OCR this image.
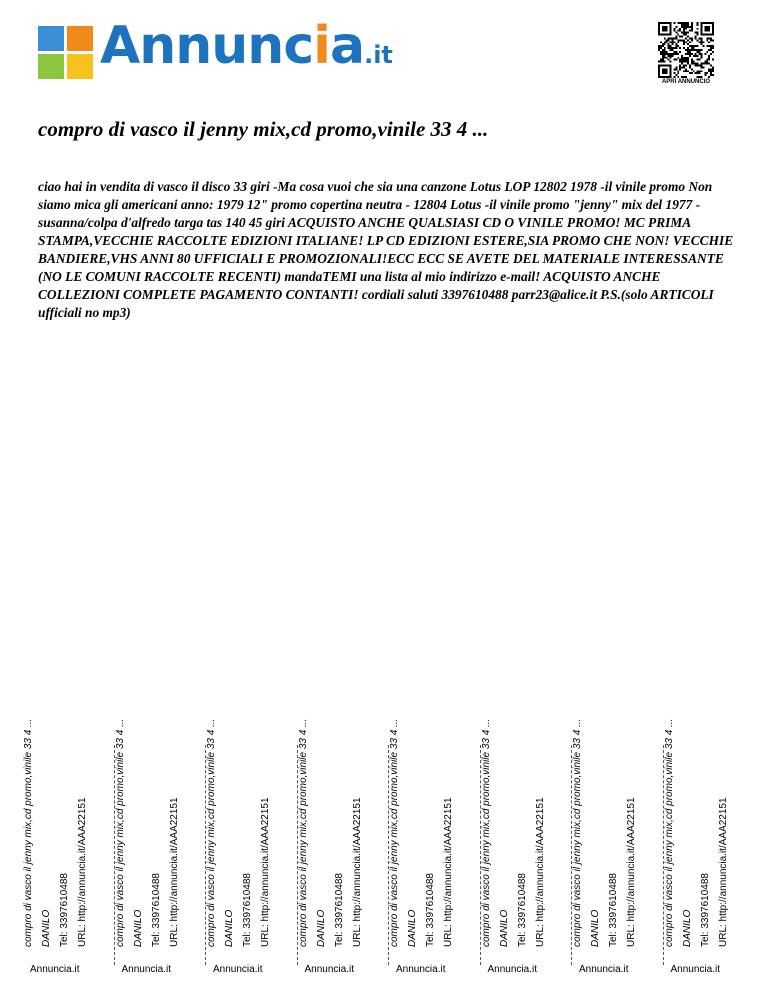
Annuncia.it
APRI ANNUNCIO
compro di vasco il jenny mix,cd promo,vinile 33 4 ...

ciao hai in vendita di vasco il disco 33 giri -Ma cosa vuoi che sia una canzone Lotus LOP 12802 1978 -il vinile promo Non siamo mica gli americani anno: 1979 12" promo copertina neutra - 12804 Lotus -il vinile promo "jenny" mix del 1977 -susanna/colpa d'alfredo targa tas 140 45 giri ACQUISTO ANCHE QUALSIASI CD O VINILE PROMO! MC PRIMA STAMPA,VECCHIE RACCOLTE EDIZIONI ITALIANE! LP CD EDIZIONI ESTERE,SIA PROMO CHE NON! VECCHIE BANDIERE,VHS ANNI 80 UFFICIALI E PROMOZIONALI!ECC ECC SE AVETE DEL MATERIALE INTERESSANTE (NO LE COMUNI RACCOLTE RECENTI) mandaTEMI una lista al mio indirizzo e-mail! ACQUISTO ANCHE COLLEZIONI COMPLETE PAGAMENTO CONTANTI! cordiali saluti 3397610488 parr23@alice.it P.S.(solo ARTICOLI ufficiali no mp3)

compro di vasco il jenny mix,cd promo,vinile 33 4 ... DANILO Tel: 3397610488 URL: http://annuncia.it/AAA22151
Annuncia.it
compro di vasco il jenny mix,cd promo,vinile 33 4 ... DANILO Tel: 3397610488 URL: http://annuncia.it/AAA22151
Annuncia.it
compro di vasco il jenny mix,cd promo,vinile 33 4 ... DANILO Tel: 3397610488 URL: http://annuncia.it/AAA22151
Annuncia.it
compro di vasco il jenny mix,cd promo,vinile 33 4 ... DANILO Tel: 3397610488 URL: http://annuncia.it/AAA22151
Annuncia.it
compro di vasco il jenny mix,cd promo,vinile 33 4 ... DANILO Tel: 3397610488 URL: http://annuncia.it/AAA22151
Annuncia.it
compro di vasco il jenny mix,cd promo,vinile 33 4 ... DANILO Tel: 3397610488 URL: http://annuncia.it/AAA22151
Annuncia.it
compro di vasco il jenny mix,cd promo,vinile 33 4 ... DANILO Tel: 3397610488 URL: http://annuncia.it/AAA22151
Annuncia.it
compro di vasco il jenny mix,cd promo,vinile 33 4 ... DANILO Tel: 3397610488 URL: http://annuncia.it/AAA22151
Annuncia.it
